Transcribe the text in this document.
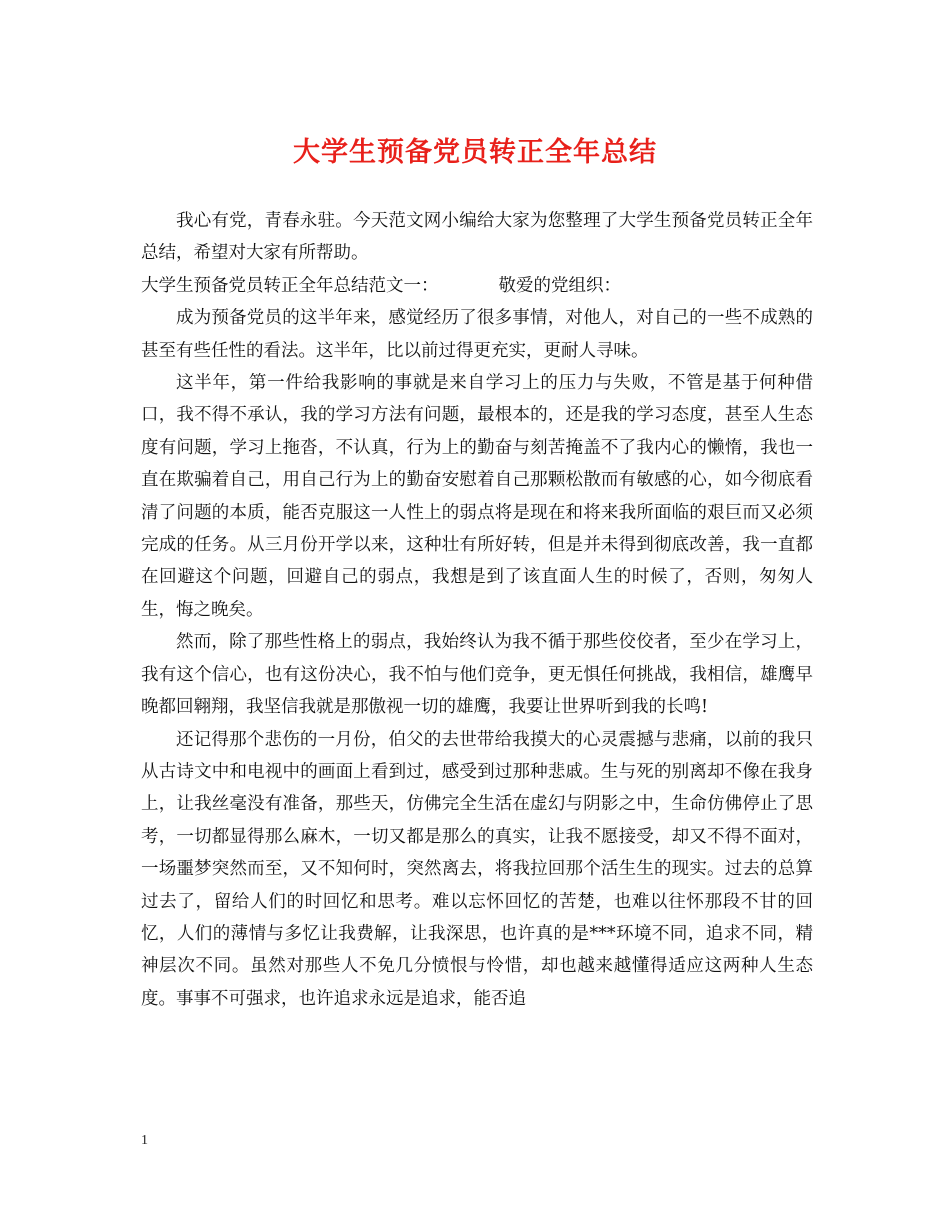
大学生预备党员转正全年总结

我心有党，青春永驻。今天范文网小编给大家为您整理了大学生预备党员转正全年总结，希望对大家有所帮助。

大学生预备党员转正全年总结范文一：	敬爱的党组织：

成为预备党员的这半年来，感觉经历了很多事情，对他人，对自己的一些不成熟的甚至有些任性的看法。这半年，比以前过得更充实，更耐人寻味。

这半年，第一件给我影响的事就是来自学习上的压力与失败，不管是基于何种借口，我不得不承认，我的学习方法有问题，最根本的，还是我的学习态度，甚至人生态度有问题，学习上拖沓，不认真，行为上的勤奋与刻苦掩盖不了我内心的懒惰，我也一直在欺骗着自己，用自己行为上的勤奋安慰着自己那颗松散而有敏感的心，如今彻底看清了问题的本质，能否克服这一人性上的弱点将是现在和将来我所面临的艰巨而又必须完成的任务。从三月份开学以来，这种壮有所好转，但是并未得到彻底改善，我一直都在回避这个问题，回避自己的弱点，我想是到了该直面人生的时候了，否则，匆匆人生，悔之晚矣。

然而，除了那些性格上的弱点，我始终认为我不循于那些佼佼者，至少在学习上，我有这个信心，也有这份决心，我不怕与他们竞争，更无惧任何挑战，我相信，雄鹰早晚都回翱翔，我坚信我就是那傲视一切的雄鹰，我要让世界听到我的长鸣!

还记得那个悲伤的一月份，伯父的去世带给我摸大的心灵震撼与悲痛，以前的我只从古诗文中和电视中的画面上看到过，感受到过那种悲戚。生与死的别离却不像在我身上，让我丝毫没有准备，那些天，仿佛完全生活在虚幻与阴影之中，生命仿佛停止了思考，一切都显得那么麻木，一切又都是那么的真实，让我不愿接受，却又不得不面对，一场噩梦突然而至，又不知何时，突然离去，将我拉回那个活生生的现实。过去的总算过去了，留给人们的时回忆和思考。难以忘怀回忆的苦楚，也难以往怀那段不甘的回忆，人们的薄情与多忆让我费解，让我深思，也许真的是***环境不同，追求不同，精神层次不同。虽然对那些人不免几分愤恨与怜惜，却也越来越懂得适应这两种人生态度。事事不可强求，也许追求永远是追求，能否追

1
